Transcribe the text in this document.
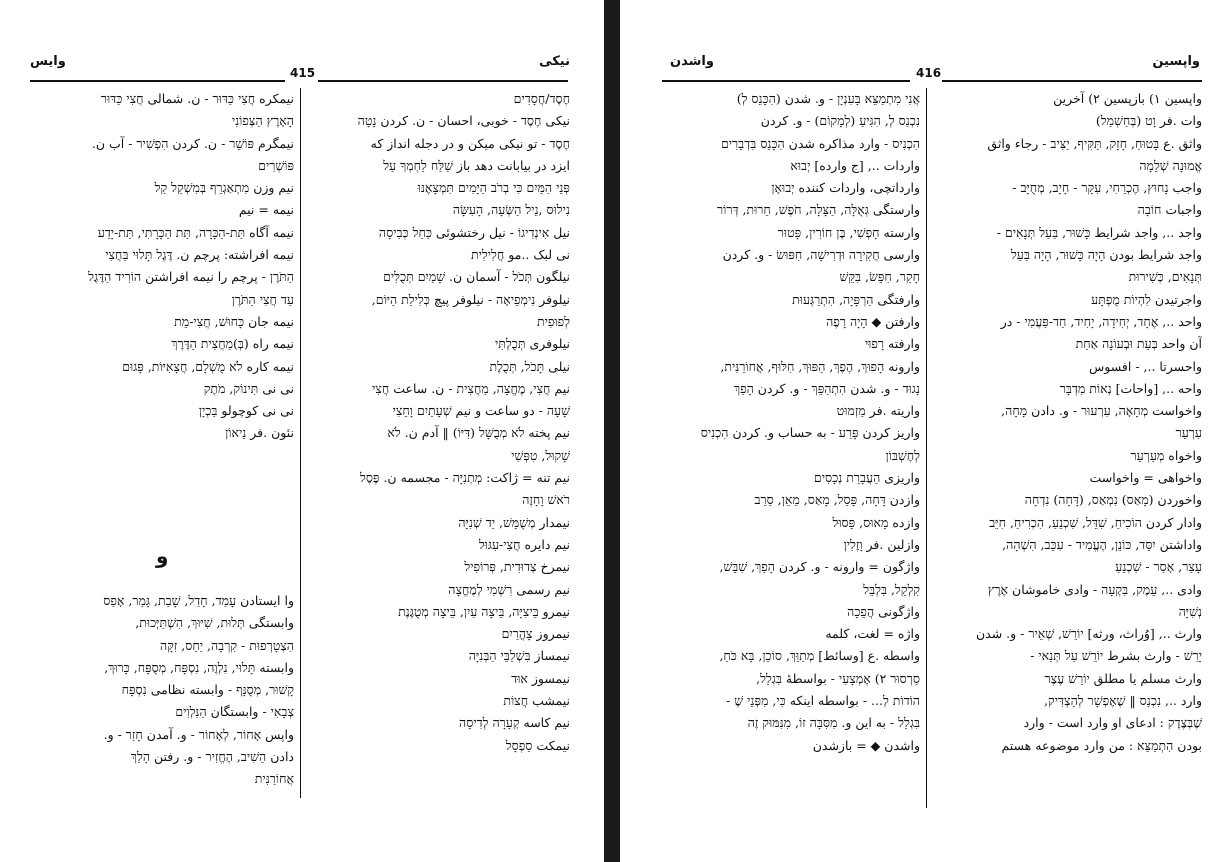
وایس
415
نیکی
חֶסֶד/חֲסָדִים
نیکی חֶסֶד - خوبی، احسان - ن. کردن נָטָה
חֶסֶד - تو نیکی میکن و در دجله انداز که
ایزد در بیابانت دهد باز שַׁלַּח לַחְמְךָ עַל
פְּנֵי הַמַּיִם כִּי בְרֹב הַיָּמִים תִּמְצָאֶנּוּ
נִילוּס ,נֵיל הַשְּׂעָה, הָעִשָּׂה
نیل אִינְדִיגוֹ - نیل رختشوئی כַּחַל כְּבִיסָה
نی لبک ..مو חֲלִילִית
نیلگون תְּכֹל - آسمان ن. שָׁמַיִם תְּכֻלִּים
نیلوفر נִימְפֵיאָה - نیلوفر پیچ כְּלִילַת הַיּוֹם,
לְפוּפִית
نیلوفری תְּכֻלְתִּי
نیلی תָּכֹל, תְּכֻלֶת
نیم חֲצִי, מֶחֱצָה, מַחֲצִית - ن. ساعت חֲצִי
שָׁעָה - دو ساعت و نیم שְׁעָתַיִם וָחֵצִי
نیم پخته לֹא מְבֻשָּׁל (דִּיּוֹ) ‖ آدم ن. לֹא
שָׁקוּל, טִפְּשִׁי
نیم تنه = ژاکت: מְתְנִיָּה - مجسمه ن. פֶּסֶל
רֹאשׁ וָחָזֶה
نیمدار מְשֻׁמָּשׁ, יַד שְׁנִיָּה
نیم دایره חֲצִי-עִגּוּל
نیمرخ צְדוּדִית, פְּרוֹפִיל
نیم رسمی רִשְׁמִי לְמֶחֱצָה
نیمرو בֵּיצִיָּה, בֵּיצָה עַיִן, בֵּיצָה מְטֻגֶּנֶת
نیمروز צָהֳרַיִם
نیمساز בִּשְׁלַבֵּי הַבְּנִיָּה
نیمسوز אוּד
نیمشب חֲצוֹת
نیم کاسه קְעָרָה לְדִיסָה
نیمکت סַפְסָל
نیمکره חֲצִי כַּדּוּר - ن. شمالی חֲצִי כַּדּוּר
הָאָרֶץ הַצְּפוֹנִי
نیمگرم פּוֹשֵׁר - ن. کردن הִפְשִׁיר - آب ن.
פּוֹשְׁרִים
نیم وزن מִתְאַגְרֵף בְּמִשְׁקַל קַל
نیمه = نیم
نیمه آگاه תַּת-הַכָּרָה, תַּת הַכָּרָתִי, תַּת-יָדַע
نیمه افراشته: پرچم ن. דֶּגֶל תָּלוּי בַּחֲצִי
הַתֹּרֶן - پرچم را نیمه افراشتن הוֹרִיד הַדֶּגֶל
עַד חֲצִי הַתֹּרֶן
نیمه جان כָּחוּשׁ, חֲצִי-מֵת
نیمه راه (בְּ)מַחֲצִית הַדֶּרֶךְ
نیمه کاره לֹא מֻשְׁלָם, חֲצָאִיּוֹת, פָּגוּם
نی نی תִּינוֹק, מֹתֶק
نی نی کوچولو בַּכְיָן
نئون .فر נֵיאוֹן
و
وا ایستادن עָמַד, חָדַל, שָׁבַת, גָּמַר, אָפַס
وابستگی תְּלוּת, שִׁיּוּךְ, הִשְׁתַּיְּכוּת,
הִצְטָרְפוּת - קִרְבָה, יַחַס, זִקָּה
وابسته תָּלוּי, נִלְוֶה, נִסְפָּח, מְסֻפָּח, כָּרוּךְ,
קָשׁוּר, מְסֻנָּף - وابسته نظامی נִסְפָּח
צְבָאִי - وابستگان הַנִּלְוִים
واپس אָחוֹר, לְאָחוֹר - و. آمدن חָזַר - و.
دادن הֵשִׁיב, הֶחֱזִיר - و. رفتن הָלַךְ
אֲחוֹרַנִּית
واشدن
416
واپسین
واپسین ۱) بازپسین ۲) آخرین
وات .فر וָט (בְּחַשְׁמַל)
واثق .ع בָּטוּחַ, חָזָק, תַּקִּיף, יַצִּיב - رجاء واثق
אֱמוּנָה שְׁלֵמָה
واجب נָחוּץ, הֶכְרֵחִי, עִקָּר - חָיָב, מְחֻיָּב -
واجبات חוֹבָה
واجد .., واجد شرایط כָּשׁוּר, בַּעַל תְּנָאִים -
واجد شرایط بودن הָיָה כָּשׁוּר, הָיָה בַּעַל
תְּנָאִים, כְּשִׁירוּת
واجرتیدن לִהְיוֹת מֻפְתָּע
واحد .., אֶחָד, יְחִידָה, יָחִיד, חַד-פַּעֲמִי - در
آن واحد בְּעֵת וּבְעוֹנָה אַחַת
واحسرتا .., - افسوس
واحه .., [واحات] נְאוֹת מִדְבָּר
واخواست מְחָאָה, עִרְעוּר - و. دادن מָחָה,
עִרְעֵר
واخواه מְעַרְעֵר
واخواهی = واخواست
واخوردن (מָאַס) נִמְאַס, (דָּחָה) נִדְחָה
وادار کردن הוֹכִיחַ, שִׁדֵּל, שִׁכְנֵעַ, הִכְרִיחַ, חִיֵּב
واداشتن יִסֵּד, כּוֹנֵן, הֶעֱמִיד - עִכֵּב, הִשְׁהָה,
עָצַר, אָסַר - שִׁכְנֵעַ
وادی .., עֵמֶק, בִּקְעָה - وادی خاموشان אֶרֶץ
נְשִׁיָּה
وارث .., [وُراث، ورثه] יוֹרֵשׁ, שְׁאֵיר - و. شدن
יָרַשׁ - وارث بشرط יוֹרֵשׁ עַל תְּנַאי -
وارث مسلم یا مطلق יוֹרֵשׁ עֶצֶר
وارد .., נִכְנַס ‖ שֶׁאֶפְשָׁר לְהַצְדִּיק,
שֶׁבְּצֶדֶק : ادعای او وارد است - وارد
بودن הִתְמַצֵּא : من وارد موضوعه هستم
אֲנִי מִתְמַצֵּא בָּעִנְיָן - و. شدن (הִכָּנֵס לְ)
נִכְנַס לְ, הִגִּיעַ (לְמָקוֹם) - و. کردن
הִכְנִיס - وارد مذاکره شدن הִכָּנֵס בִּדְבָרִים
واردات .., [ج وارده] יְבוּא
وارداتچی، واردات کننده יְבוּאָן
وارستگی גְּאֻלָּה, הַצָּלָה, חֹפֶשׁ, חֵרוּת, דְּרוֹר
وارسته חָפְשִׁי, בֶּן חוֹרִין, פָּטוּר
وارسی חֲקִירָה וּדְרִישָׁה, חִפּוּשׂ - و. کردن
חָקַר, חִפֵּשׂ, בִּקֵּשׁ
وارفتگی הַרְפָּיָה, הִתְרַגְּעוּת
وارفتن ◆ הָיָה רָפֶה
وارفته רָפוּי
وارونه הָפוּךְ, הֶפֶךְ, הַפּוּךְ, חִלּוּף, אֲחוֹרַנִּית,
נָגוּד - و. شدن הִתְהַפֵּךְ - و. کردن הָפַךְ
واریته .فر מַזְמוּט
واریز کردن פָּרַע - به حساب و. کردن הִכְנִיס
לְחֶשְׁבּוֹן
واریزی הַעֲבָרַת נְכָסִים
وازدن דָּחָה, פָּסַל, מָאַס, מֵאֵן, סֵרֵב
وازده מָאוּס, פָּסוּל
وازلین .فر וָזֶלִין
واژگون = وارونه - و. کردن הָפַךְ, שִׁבֵּשׁ,
קִלְקֵל, בִּלְבֵּל
واژگونی הֲפֵכָה
واژه = لغت، کلمه
واسطه .ع [وسائط] מְתַוֵּךְ, סוֹכֵן, בָּא כֹּחַ,
סַרְסוּר ۲) אֶמְצָעִי - بواسطهٔ בִּגְלַל,
הוֹדוֹת לְ... - بواسطه اینکه כִּי, מִפְּנֵי שֶׁ -
בִּגְלַל - به این و. מִסִּבָּה זוֹ, מִנִּמּוּק זֶה
واشدن ◆ = بازشدن
